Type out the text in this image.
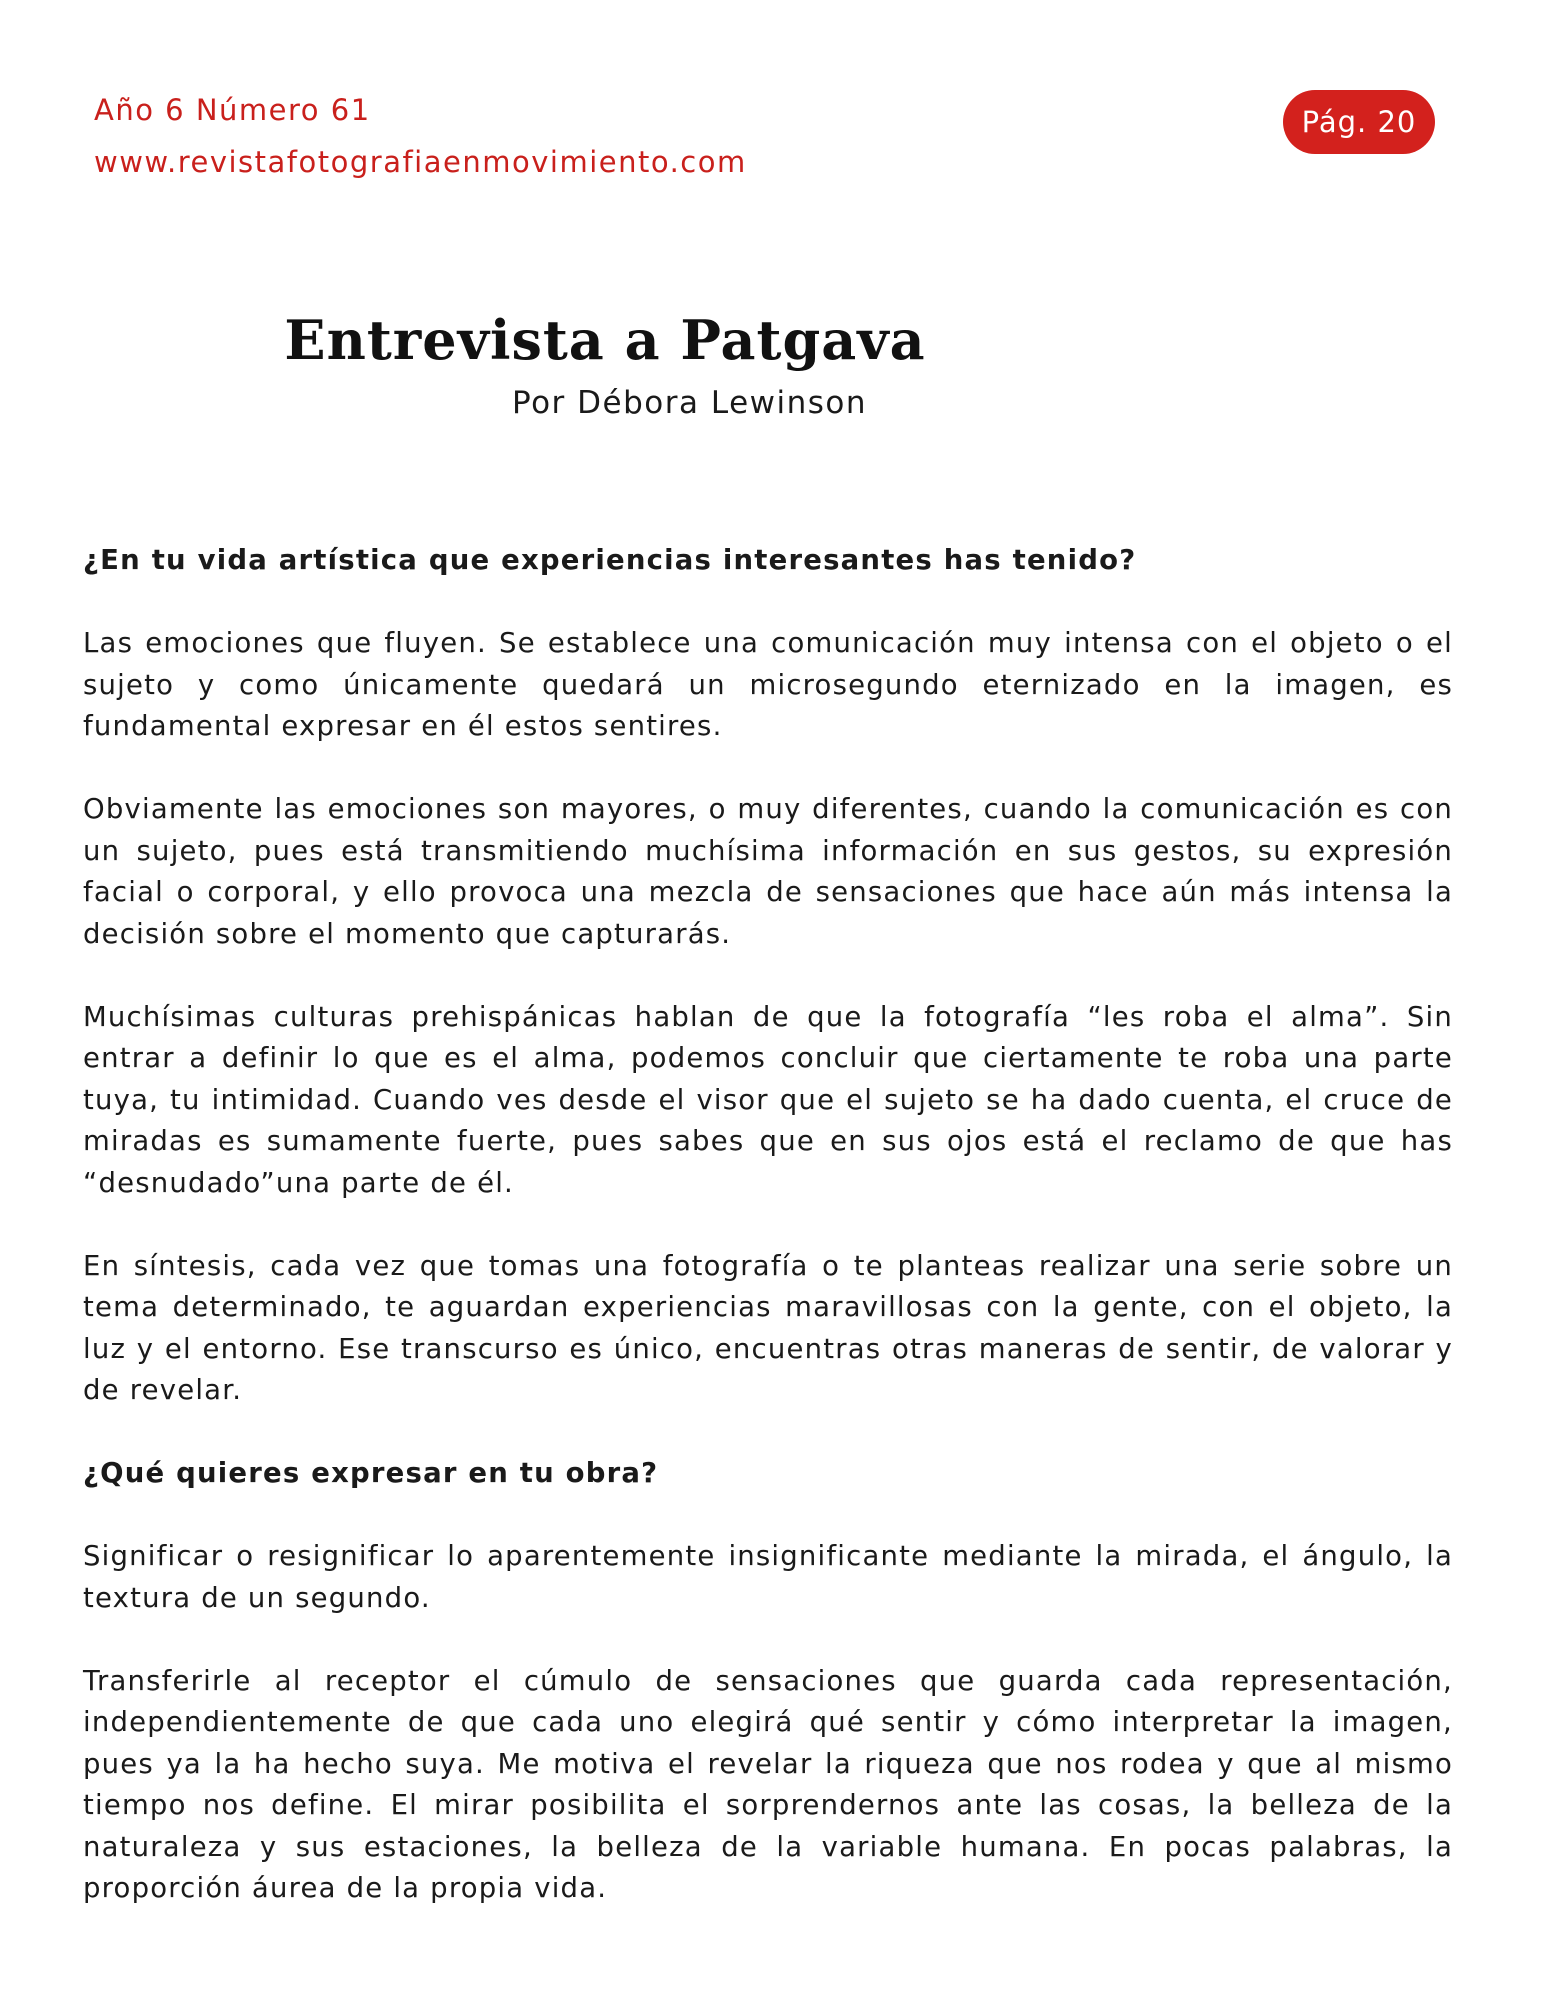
Año 6 Número 61
www.revistafotografiaenmovimiento.com
Pág. 20
Entrevista a Patgava
Por Débora Lewinson
¿En tu vida artística que experiencias interesantes has tenido?

Las emociones que fluyen. Se establece una comunicación muy intensa con el objeto o el sujeto y como únicamente quedará un microsegundo eternizado en la imagen, es fundamental expresar en él estos sentires.

Obviamente las emociones son mayores, o muy diferentes, cuando la comunicación es con un sujeto, pues está transmitiendo muchísima información en sus gestos, su expresión facial o corporal, y ello provoca una mezcla de sensaciones que hace aún más intensa la decisión sobre el momento que capturarás.

Muchísimas culturas prehispánicas hablan de que la fotografía “les roba el alma”. Sin entrar a definir lo que es el alma, podemos concluir que ciertamente te roba una parte tuya, tu intimidad. Cuando ves desde el visor que el sujeto se ha dado cuenta, el cruce de miradas es sumamente fuerte, pues sabes que en sus ojos está el reclamo de que has “desnudado”una parte de él.

En síntesis, cada vez que tomas una fotografía o te planteas realizar una serie sobre un tema determinado, te aguardan experiencias maravillosas con la gente, con el objeto, la luz y el entorno. Ese transcurso es único, encuentras otras maneras de sentir, de valorar y de revelar.

¿Qué quieres expresar en tu obra?

Significar o resignificar lo aparentemente insignificante mediante la mirada, el ángulo, la textura de un segundo.

Transferirle al receptor el cúmulo de sensaciones que guarda cada representación, independientemente de que cada uno elegirá qué sentir y cómo interpretar la imagen, pues ya la ha hecho suya. Me motiva el revelar la riqueza que nos rodea y que al mismo tiempo nos define. El mirar posibilita el sorprendernos ante las cosas, la belleza de la naturaleza y sus estaciones, la belleza de la variable humana. En pocas palabras, la proporción áurea de la propia vida.
